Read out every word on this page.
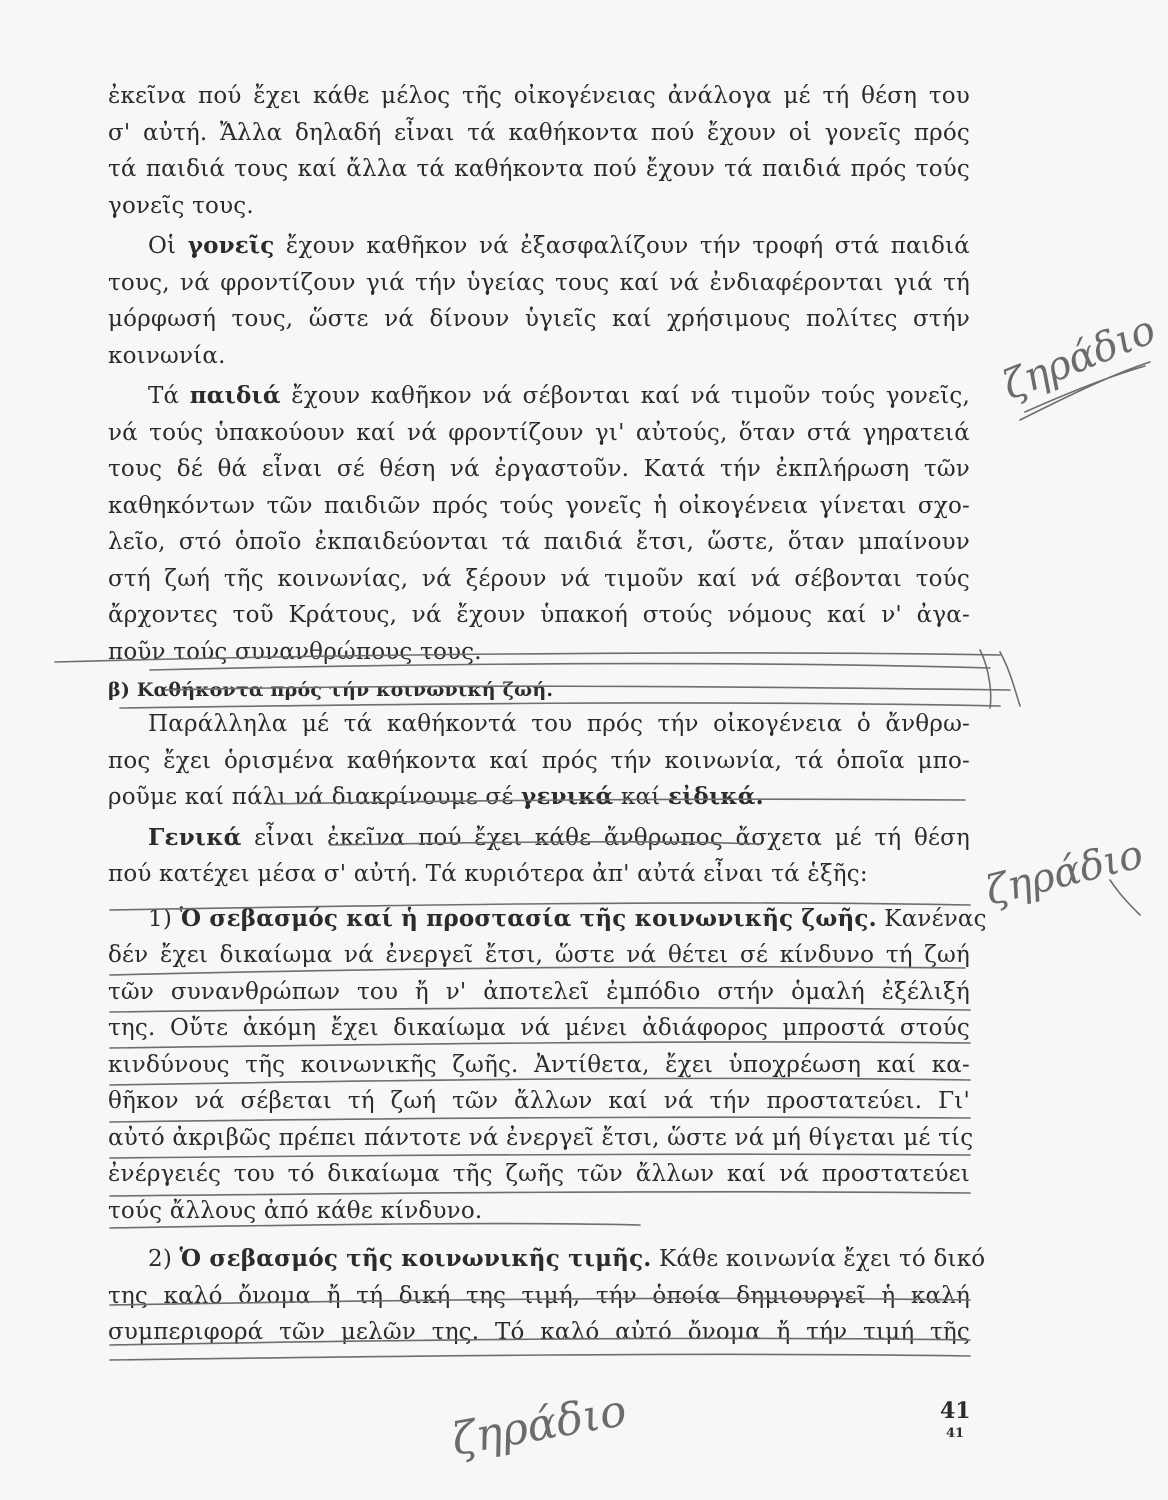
ἐκεῖνα πού ἔχει κάθε μέλος τῆς οἰκογένειας ἀνάλογα μέ τή θέση του
σ' αὐτή. Ἄλλα δηλαδή εἶναι τά καθήκοντα πού ἔχουν οἱ γονεῖς πρός
τά παιδιά τους καί ἄλλα τά καθήκοντα πού ἔχουν τά παιδιά πρός τούς
γονεῖς τους.
Οἱ γονεῖς ἔχουν καθῆκον νά ἐξασφαλίζουν τήν τροφή στά παιδιά
τους, νά φροντίζουν γιά τήν ὑγείας τους καί νά ἐνδιαφέρονται γιά τή
μόρφωσή τους, ὥστε νά δίνουν ὑγιεῖς καί χρήσιμους πολίτες στήν
κοινωνία.
Τά παιδιά ἔχουν καθῆκον νά σέβονται καί νά τιμοῦν τούς γονεῖς,
νά τούς ὑπακούουν καί νά φροντίζουν γι' αὐτούς, ὅταν στά γηρατειά
τους δέ θά εἶναι σέ θέση νά ἐργαστοῦν. Κατά τήν ἐκπλήρωση τῶν
καθηκόντων τῶν παιδιῶν πρός τούς γονεῖς ἡ οἰκογένεια γίνεται σχο-
λεῖο, στό ὁποῖο ἐκπαιδεύονται τά παιδιά ἔτσι, ὥστε, ὅταν μπαίνουν
στή ζωή τῆς κοινωνίας, νά ξέρουν νά τιμοῦν καί νά σέβονται τούς
ἄρχοντες τοῦ Κράτους, νά ἔχουν ὑπακοή στούς νόμους καί ν' ἀγα-
ποῦν τούς συνανθρώπους τους.
β) Καθήκοντα πρός τήν κοινωνική ζωή.
Παράλληλα μέ τά καθήκοντά του πρός τήν οἰκογένεια ὁ ἄνθρω-
πος ἔχει ὁρισμένα καθήκοντα καί πρός τήν κοινωνία, τά ὁποῖα μπο-
ροῦμε καί πάλι νά διακρίνουμε σέ γενικά καί εἰδικά.
Γενικά εἶναι ἐκεῖνα πού ἔχει κάθε ἄνθρωπος ἄσχετα μέ τή θέση
πού κατέχει μέσα σ' αὐτή. Τά κυριότερα ἀπ' αὐτά εἶναι τά ἑξῆς:
1) Ὁ σεβασμός καί ἡ προστασία τῆς κοινωνικῆς ζωῆς. Κανένας
δέν ἔχει δικαίωμα νά ἐνεργεῖ ἔτσι, ὥστε νά θέτει σέ κίνδυνο τή ζωή
τῶν συνανθρώπων του ἤ ν' ἀποτελεῖ ἐμπόδιο στήν ὁμαλή ἐξέλιξή
της. Οὔτε ἀκόμη ἔχει δικαίωμα νά μένει ἀδιάφορος μπροστά στούς
κινδύνους τῆς κοινωνικῆς ζωῆς. Ἀντίθετα, ἔχει ὑποχρέωση καί κα-
θῆκον νά σέβεται τή ζωή τῶν ἄλλων καί νά τήν προστατεύει. Γι'
αὐτό ἀκριβῶς πρέπει πάντοτε νά ἐνεργεῖ ἔτσι, ὥστε νά μή θίγεται μέ τίς
ἐνέργειές του τό δικαίωμα τῆς ζωῆς τῶν ἄλλων καί νά προστατεύει
τούς ἄλλους ἀπό κάθε κίνδυνο.
2) Ὁ σεβασμός τῆς κοινωνικῆς τιμῆς. Κάθε κοινωνία ἔχει τό δικό
της καλό ὄνομα ἤ τή δική της τιμή, τήν ὁποία δημιουργεῖ ἡ καλή
συμπεριφορά τῶν μελῶν της. Τό καλό αὐτό ὄνομα ἤ τήν τιμή τῆς
41
41
ζηράδιο
ζηράδιο
ζηράδιο
